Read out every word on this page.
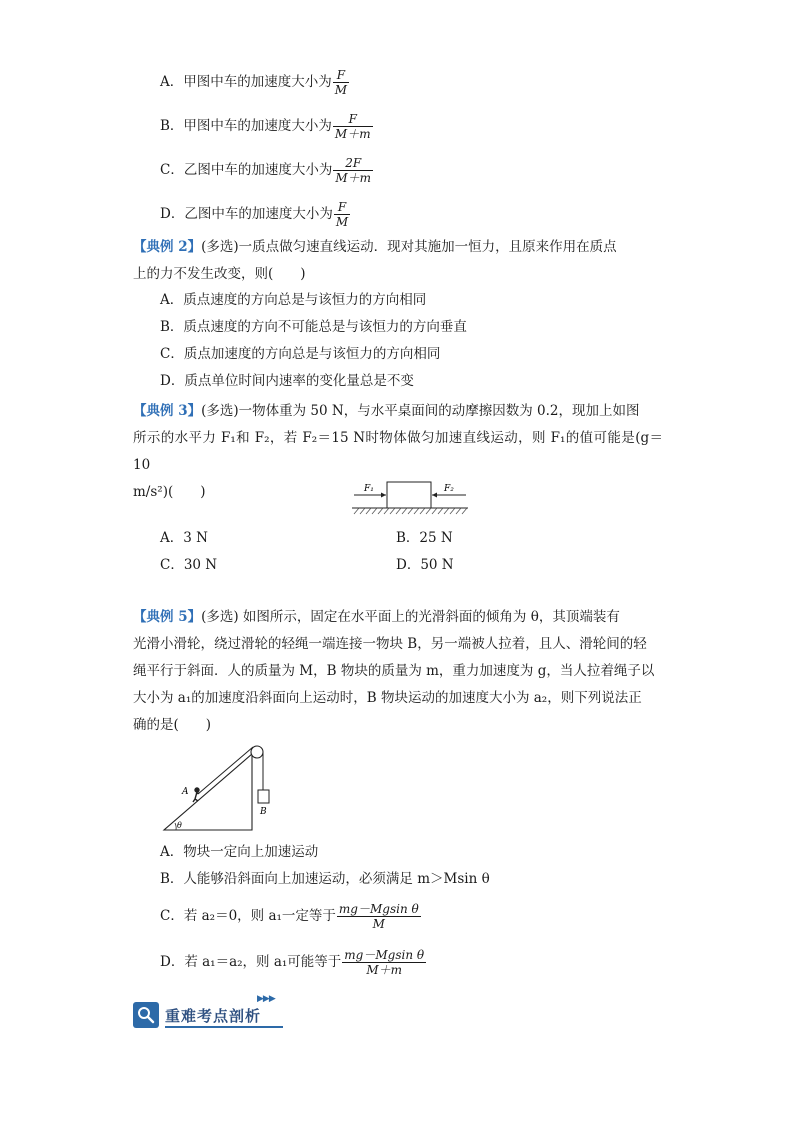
A．甲图中车的加速度大小为 $\frac{F}{M}$
B．甲图中车的加速度大小为 $\frac{F}{M+m}$
C．乙图中车的加速度大小为 $\frac{2F}{M+m}$
D．乙图中车的加速度大小为 $\frac{F}{M}$
【典例 2】(多选)一质点做匀速直线运动．现对其施加一恒力，且原来作用在质点
上的力不发生改变，则(　　)
A．质点速度的方向总是与该恒力的方向相同
B．质点速度的方向不可能总是与该恒力的方向垂直
C．质点加速度的方向总是与该恒力的方向相同
D．质点单位时间内速率的变化量总是不变
【典例 3】(多选)一物体重为 50 N，与水平桌面间的动摩擦因数为 0.2，现加上如图
所示的水平力 F₁和 F₂，若 F₂＝15 N时物体做匀加速直线运动，则 F₁的值可能是(g＝10
m/s²)(　　)	F₁	F₂
A．3 N	B．25 N
C．30 N	D．50 N
【典例 5】(多选) 如图所示，固定在水平面上的光滑斜面的倾角为 θ，其顶端装有
光滑小滑轮，绕过滑轮的轻绳一端连接一物块 B，另一端被人拉着，且人、滑轮间的轻
绳平行于斜面．人的质量为 M，B 物块的质量为 m，重力加速度为 g，当人拉着绳子以
大小为 a₁的加速度沿斜面向上运动时，B 物块运动的加速度大小为 a₂，则下列说法正
确的是(　　)
A
B
θ
A．物块一定向上加速运动
B．人能够沿斜面向上加速运动，必须满足 m＞Msin θ
C．若 a₂＝0，则 a₁一定等于 $\frac{\text{mg－Mgsin θ}}{M}$
D．若 a₁＝a₂，则 a₁可能等于 $\frac{\text{mg－Mgsin θ}}{M+m}$
▶▶▶
重难考点剖析
